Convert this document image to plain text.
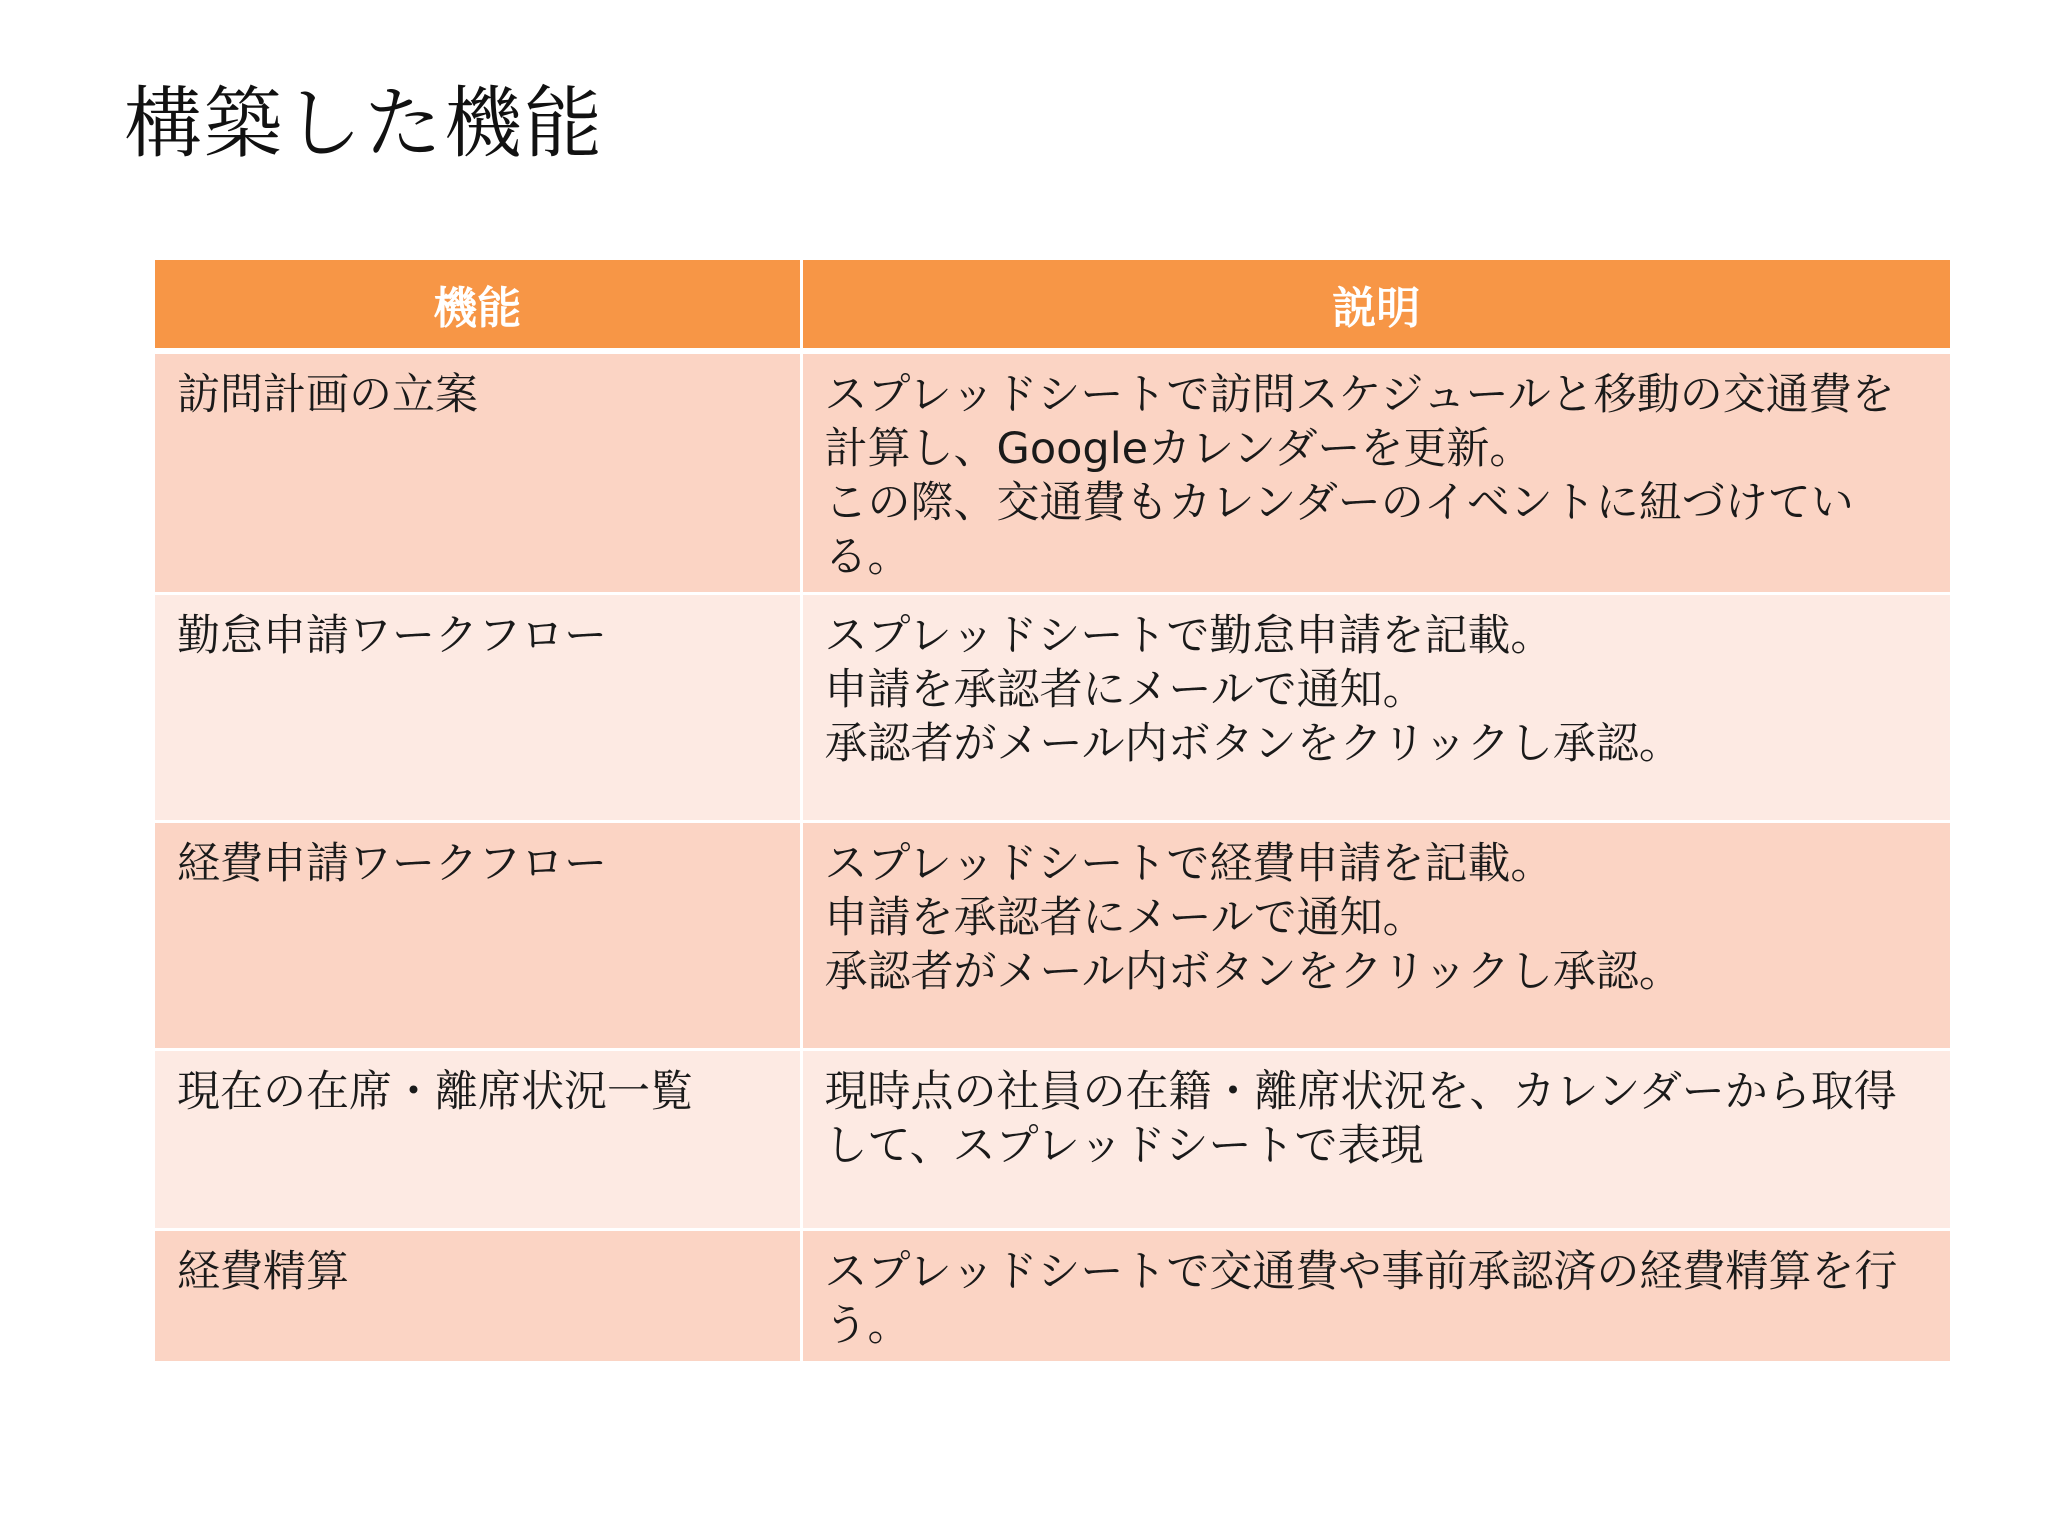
構築した機能
機能	説明
訪問計画の立案	スプレッドシートで訪問スケジュールと移動の交通費を計算し、Googleカレンダーを更新。
この際、交通費もカレンダーのイベントに紐づけている。

勤怠申請ワークフロー	スプレッドシートで勤怠申請を記載。
申請を承認者にメールで通知。
承認者がメール内ボタンをクリックし承認。

経費申請ワークフロー	スプレッドシートで経費申請を記載。
申請を承認者にメールで通知。
承認者がメール内ボタンをクリックし承認。

現在の在席・離席状況一覧	現時点の社員の在籍・離席状況を、カレンダーから取得して、スプレッドシートで表現

経費精算	スプレッドシートで交通費や事前承認済の経費精算を行う。
